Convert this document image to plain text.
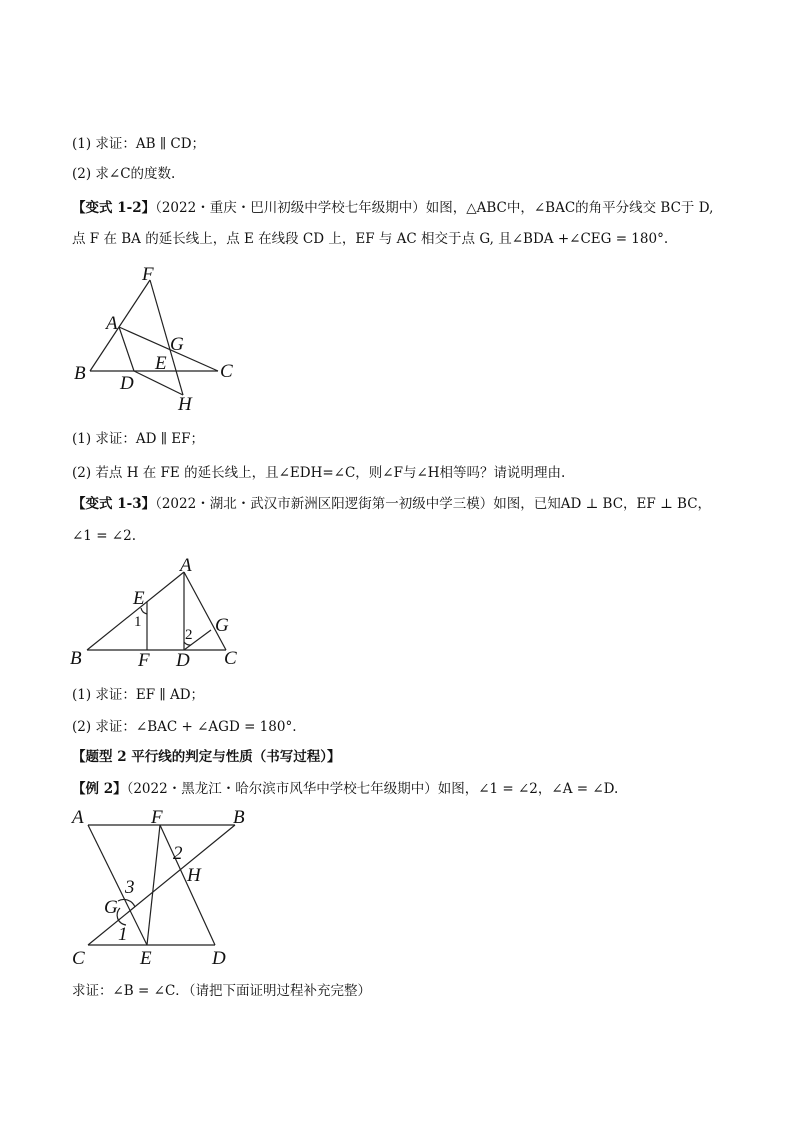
(1) 求证：AB ∥ CD；
(2) 求∠C的度数.
【变式 1-2】（2022・重庆・巴川初级中学校七年级期中）如图，△ABC中，∠BAC的角平分线交 BC于 D,
点 F 在 BA 的延长线上，点 E 在线段 CD 上，EF 与 AC 相交于点 G, 且∠BDA +∠CEG = 180°.
F
A
G
E
B D
C
H
(1) 求证：AD ∥ EF；
(2) 若点 H 在 FE 的延长线上，且∠EDH=∠C，则∠F与∠H相等吗？请说明理由.
【变式 1-3】（2022・湖北・武汉市新洲区阳逻街第一初级中学三模）如图，已知AD ⊥ BC，EF ⊥ BC，
∠1 = ∠2.
A
E
1
2 G
B	F D C
(1) 求证：EF ∥ AD；
(2) 求证：∠BAC + ∠AGD = 180°.
【题型 2 平行线的判定与性质（书写过程）】
【例 2】（2022・黑龙江・哈尔滨市风华中学校七年级期中）如图，∠1 = ∠2，∠A = ∠D.
A	F	B
2
H
3
G
1
C	E	D
求证：∠B = ∠C．（请把下面证明过程补充完整）
